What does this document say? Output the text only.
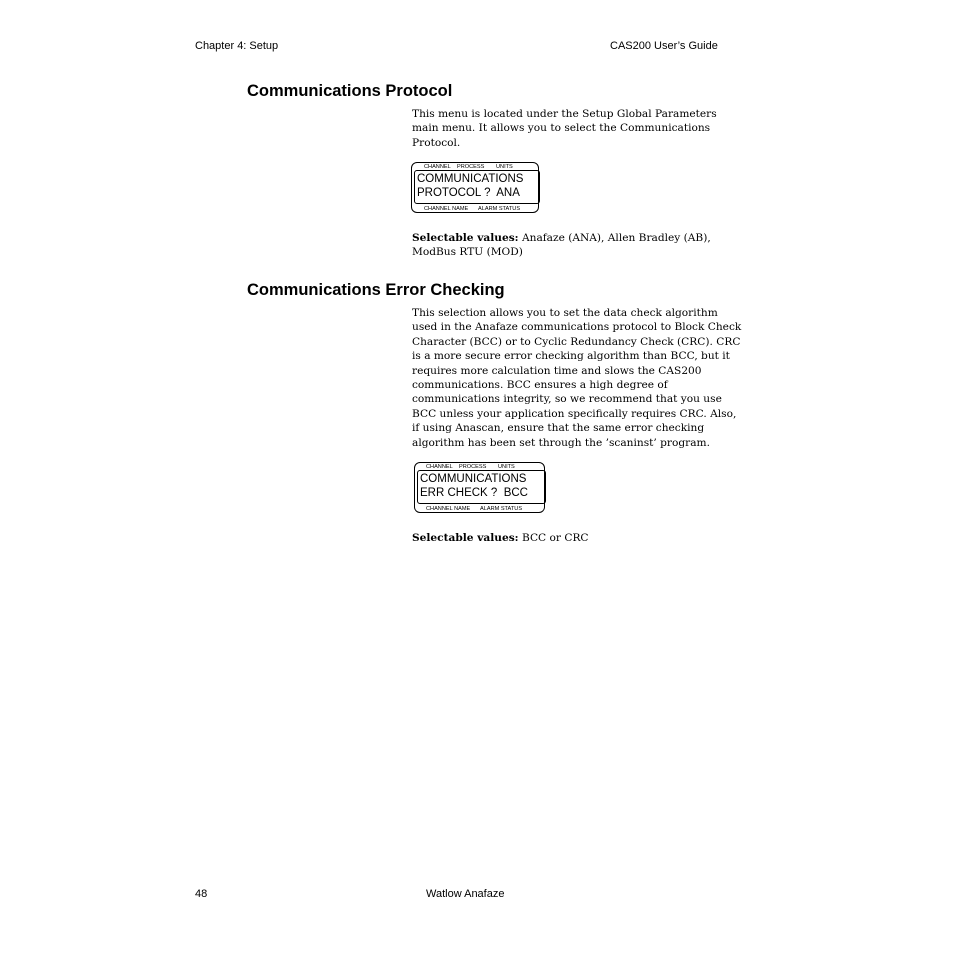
Chapter 4: Setup	CAS200 User’s Guide
Communications Protocol

This menu is located under the Setup Global Parameters main menu. It allows you to select the Communications Protocol.

CHANNEL PROCESS UNITS
COMMUNICATIONS
PROTOCOL ?  ANA
CHANNEL NAME ALARM STATUS

Selectable values: Anafaze (ANA), Allen Bradley (AB), ModBus RTU (MOD)

Communications Error Checking

This selection allows you to set the data check algorithm used in the Anafaze communications protocol to Block Check Character (BCC) or to Cyclic Redundancy Check (CRC). CRC is a more secure error checking algorithm than BCC, but it requires more calculation time and slows the CAS200 communications. BCC ensures a high degree of communications integrity, so we recommend that you use BCC unless your application specifically requires CRC. Also, if using Anascan, ensure that the same error checking algorithm has been set through the ’scaninst’ program.

CHANNEL PROCESS UNITS
COMMUNICATIONS
ERR CHECK ?  BCC
CHANNEL NAME ALARM STATUS

Selectable values: BCC or CRC

48	Watlow Anafaze
